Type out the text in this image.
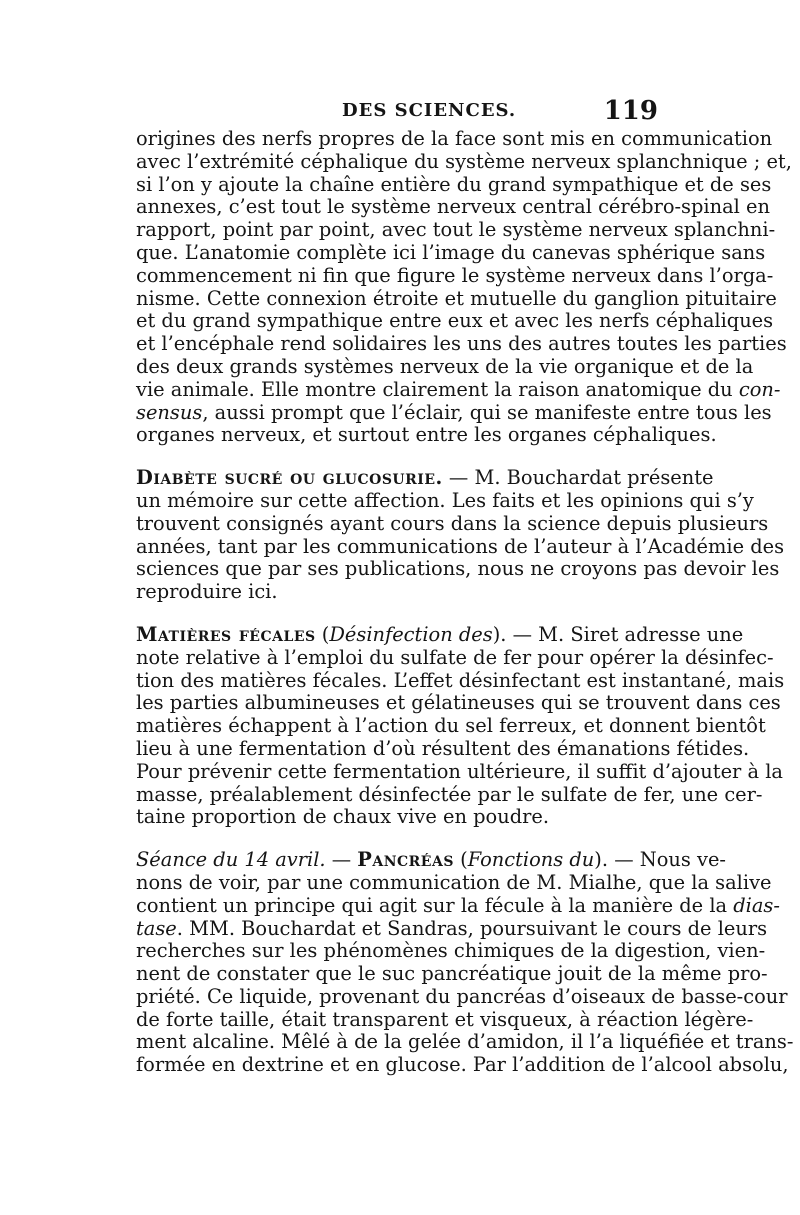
DES SCIENCES.	119
origines des nerfs propres de la face sont mis en communication
avec l’extrémité céphalique du système nerveux splanchnique ; et,
si l’on y ajoute la chaîne entière du grand sympathique et de ses
annexes, c’est tout le système nerveux central cérébro-spinal en
rapport, point par point, avec tout le système nerveux splanchni-
que. L’anatomie complète ici l’image du canevas sphérique sans
commencement ni fin que figure le système nerveux dans l’orga-
nisme. Cette connexion étroite et mutuelle du ganglion pituitaire
et du grand sympathique entre eux et avec les nerfs céphaliques
et l’encéphale rend solidaires les uns des autres toutes les parties
des deux grands systèmes nerveux de la vie organique et de la
vie animale. Elle montre clairement la raison anatomique du con-
sensus, aussi prompt que l’éclair, qui se manifeste entre tous les
organes nerveux, et surtout entre les organes céphaliques.
Diabète sucré ou glucosurie. — M. Bouchardat présente
un mémoire sur cette affection. Les faits et les opinions qui s’y
trouvent consignés ayant cours dans la science depuis plusieurs
années, tant par les communications de l’auteur à l’Académie des
sciences que par ses publications, nous ne croyons pas devoir les
reproduire ici.
Matières fécales (Désinfection des). — M. Siret adresse une
note relative à l’emploi du sulfate de fer pour opérer la désinfec-
tion des matières fécales. L’effet désinfectant est instantané, mais
les parties albumineuses et gélatineuses qui se trouvent dans ces
matières échappent à l’action du sel ferreux, et donnent bientôt
lieu à une fermentation d’où résultent des émanations fétides.
Pour prévenir cette fermentation ultérieure, il suffit d’ajouter à la
masse, préalablement désinfectée par le sulfate de fer, une cer-
taine proportion de chaux vive en poudre.
Séance du 14 avril. — Pancréas (Fonctions du). — Nous ve-
nons de voir, par une communication de M. Mialhe, que la salive
contient un principe qui agit sur la fécule à la manière de la dias-
tase. MM. Bouchardat et Sandras, poursuivant le cours de leurs
recherches sur les phénomènes chimiques de la digestion, vien-
nent de constater que le suc pancréatique jouit de la même pro-
priété. Ce liquide, provenant du pancréas d’oiseaux de basse-cour
de forte taille, était transparent et visqueux, à réaction légère-
ment alcaline. Mêlé à de la gelée d’amidon, il l’a liquéfiée et trans-
formée en dextrine et en glucose. Par l’addition de l’alcool absolu,
